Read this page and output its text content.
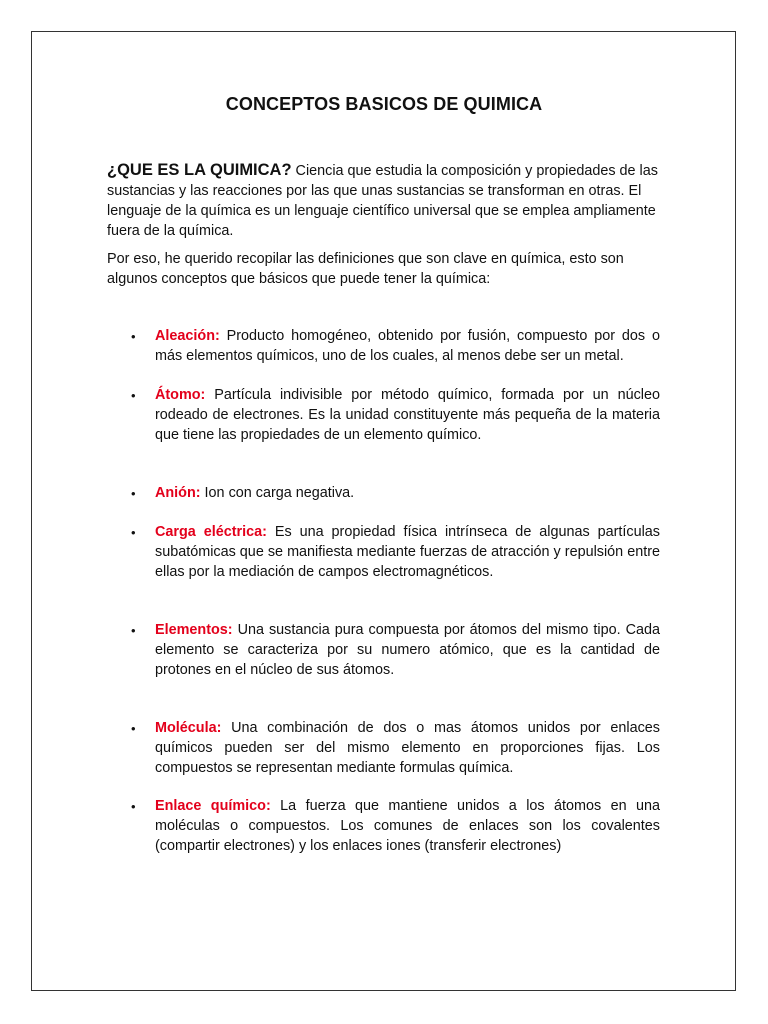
CONCEPTOS BASICOS DE QUIMICA

¿QUE ES LA QUIMICA? Ciencia que estudia la composición y propiedades de las sustancias y las reacciones por las que unas sustancias se transforman en otras. El lenguaje de la química es un lenguaje científico universal que se emplea ampliamente fuera de la química.

Por eso, he querido recopilar las definiciones que son clave en química, esto son algunos conceptos que básicos que puede tener la química:

•	Aleación: Producto homogéneo, obtenido por fusión, compuesto por dos o más elementos químicos, uno de los cuales, al menos debe ser un metal.
•	Átomo: Partícula indivisible por método químico, formada por un núcleo rodeado de electrones. Es la unidad constituyente más pequeña de la materia que tiene las propiedades de un elemento químico.
•	Anión: Ion con carga negativa.
•	Carga eléctrica: Es una propiedad física intrínseca de algunas partículas subatómicas que se manifiesta mediante fuerzas de atracción y repulsión entre ellas por la mediación de campos electromagnéticos.
•	Elementos: Una sustancia pura compuesta por átomos del mismo tipo. Cada elemento se caracteriza por su numero atómico, que es la cantidad de protones en el núcleo de sus átomos.
•	Molécula: Una combinación de dos o mas átomos unidos por enlaces químicos pueden ser del mismo elemento en proporciones fijas. Los compuestos se representan mediante formulas química.
•	Enlace químico: La fuerza que mantiene unidos a los átomos en una moléculas o compuestos. Los comunes de enlaces son los covalentes (compartir electrones) y los enlaces iones (transferir electrones)
